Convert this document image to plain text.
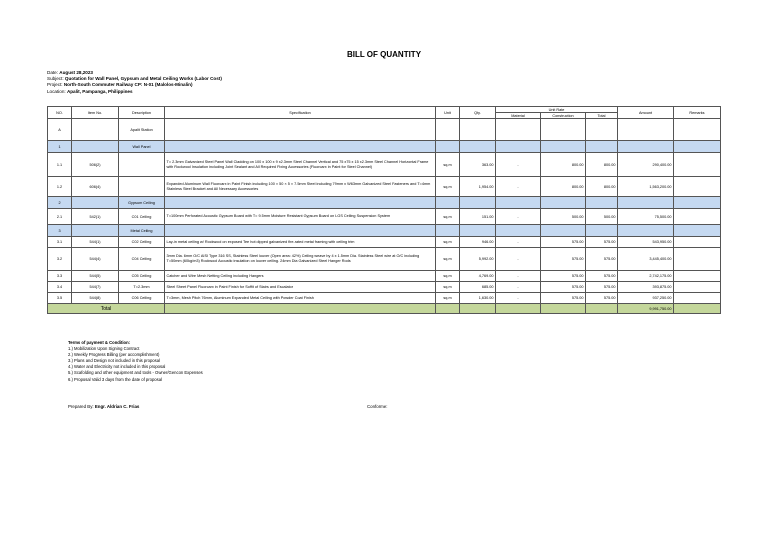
BILL OF QUANTITY
Date: August 28,2023
Subject: Quotation for Wall Panel, Gypsum and Metal Ceiling Works (Labor Cost)
Project: North-South Commuter Railway CP: N-01 (Malolos-Minalin)
Location: Apalit, Pampanga, Philippines
NO.	Item No.	Description	Specification	Unit	Qty.	Unit Rate			Amount	Remarks
						Material	Construction	Total		
A		Apalit Station								
1		Wall Panel								
1.1	506(2)		T= 2.3mm Galvanized Steel Panel Wall Cladding on 100 x 100 x 9 x2.3mm Steel Channel Vertical and 75 x75 x 15 x2.3mm Steel Channel Horizontal Frame with Rockwool Insulation including Joint Sealant and All Required Fixing Accessories (Fluorcarx in Paint for Steel Channel)	sq.m	363.00	-	800.00	800.00	290,400.00	
1.2	606(4)		Expanded Aluminum Wall Fluorcarx in Paint Finish including 100 × 50 × 5 × 7.5mm Steel including 79mm x W63mm Galvanized Steel Fasteners and T=4mm Stainless Steel Bracket and All Necessary Accessories	sq.m	1,954.00	-	800.00	800.00	1,563,200.00	
2		Gypsum Ceiling								
2.1	542(1)	C01 Ceiling	T=100mm Perforated Acoustic Gypsum Board with T= 9.5mm Moisture Resistant Gypsum Board on LGS Ceiling Suspension System	sq.m	151.00	-	500.00	500.00	75,500.00	
3		Metal Ceiling								
3.1	544(1)	C02 Ceiling	Lay-in metal ceiling w/ Rockwool on exposed Tee hot dipped galvanized fire-rated metal framing with ceiling trim	sq.m	946.00	-	575.00	575.00	543,950.00	
3.2	544(4)	C04 Ceiling	3mm Dia. 6mm O/C AISI Type 316 SS, Stainless Steel louver (Open area: 42%) Ceiling weave by 4 x 1.5mm Dia. Stainless Steel wire at O/C including T=50mm (60kg/m3) Rockwool Acoustic insulation on louver ceiling. 24mm Dia Galvanized Steel Hanger Rods	sq.m	5,992.00	-	575.00	575.00	3,445,400.00	
3.3	544(5)	C05 Ceiling	Catcher and Wire Mesh Netting Ceiling including Hangers	sq.m	4,769.00	-	575.00	575.00	2,742,175.00	
3.4	544(7)	T=2.3mm	Steel Sheet Panel Fluorcarx in Paint Finish for Soffit of Stairs and Escalator	sq.m	685.00	-	575.00	575.00	393,875.00	
3.5	544(8)	C06 Ceiling	T=3mm, Mesh Pitch 76mm, Aluminum Expanded Metal Ceiling with Powder Coat Finish	sq.m	1,630.00	-	575.00	575.00	937,250.00	
Total									9,991,750.00	
Terms of payment & Condition:
1.) Mobilization Upon Signing Contract
2.) Weekly Progress Billing (per accomplishment)
3.) Plans and Design not included in this proposal
4.) Water and Electricity not included in this proposal
5.) Scafolding and other equipment and tools - Owner/Gencon Expenses
6.) Proposal Valid 3 days from the date of proposal
Prepared By: Engr. Aldrian C. Frias	Conforme:
